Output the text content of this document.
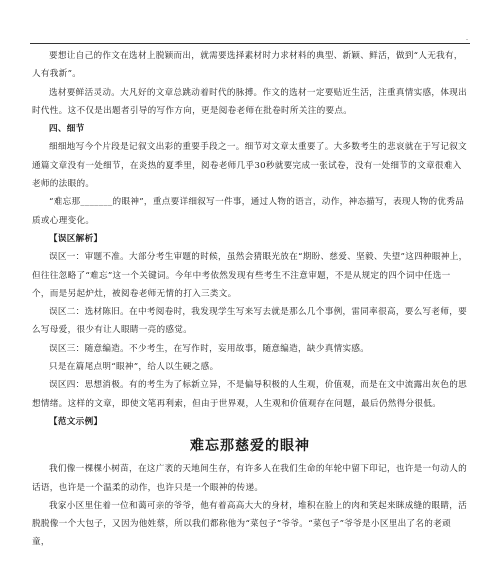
-

要想让自己的作文在选材上脱颖而出，就需要选择素材时力求材料的典型、新颖、鲜活，做到“人无我有，人有我新”。

选材要鲜活灵动。大凡好的文章总跳动着时代的脉搏。作文的选材一定要贴近生活，注重真情实感，体现出时代性。这不仅是出题者引导的写作方向，更是阅卷老师在批卷时所关注的要点。

四、细节

细细地写今个片段是记叙文出彩的重要手段之一。细节对文章太重要了。大多数考生的悲哀就在于写记叙文通篇文章没有一处细节，在炎热的夏季里，阅卷老师几乎30秒就要完成一张试卷，没有一处细节的文章很难入老师的法眼的。

“难忘那_______的眼神”，重点要详细叙写一件事，通过人物的语言，动作，神态描写，表现人物的优秀品质或心理变化。

【误区解析】

误区一：审题不准。大部分考生审题的时候，虽然会猜眼光放在“期盼、慈爱、坚毅、失望”这四种眼神上，但往往忽略了“难忘”这一个关键词。今年中考依然发现有些考生不注意审题，不是从规定的四个词中任选一个，而是另起炉灶，被阅卷老师无情的打入三类文。

误区二：选材陈旧。在中考阅卷时，我发现学生写来写去就是那么几个事例，雷同率很高，要么写老师，要么写母爱，很少有让人眼睛一亮的感觉。

误区三：随意编造。不少考生，在写作时，妄用故事，随意编造，缺少真情实感。

只是在篇尾点明“眼神”，给人以生硬之感。

误区四：思想消极。有的考生为了标新立异，不是偏导积极的人生观，价值观，而是在文中流露出灰色的思想情绪。这样的文章，即使文笔再利索，但由于世界观，人生观和价值观存在问题，最后仍然得分很低。

【范文示例】

难忘那慈爱的眼神

我们像一棵棵小树苗，在这广袤的天地间生存，有许多人在我们生命的年轮中留下印记，也许是一句动人的话语，也许是一个温柔的动作，也许只是一个眼神的传递。

我家小区里住着一位和蔼可亲的爷爷，他有着高高大大的身材，堆积在脸上的肉和笑起来眯成缝的眼睛，活脱脱像一个大包子，又因为他姓蔡，所以我们都称他为“菜包子”爷爷。“菜包子”爷爷是小区里出了名的老顽童，
